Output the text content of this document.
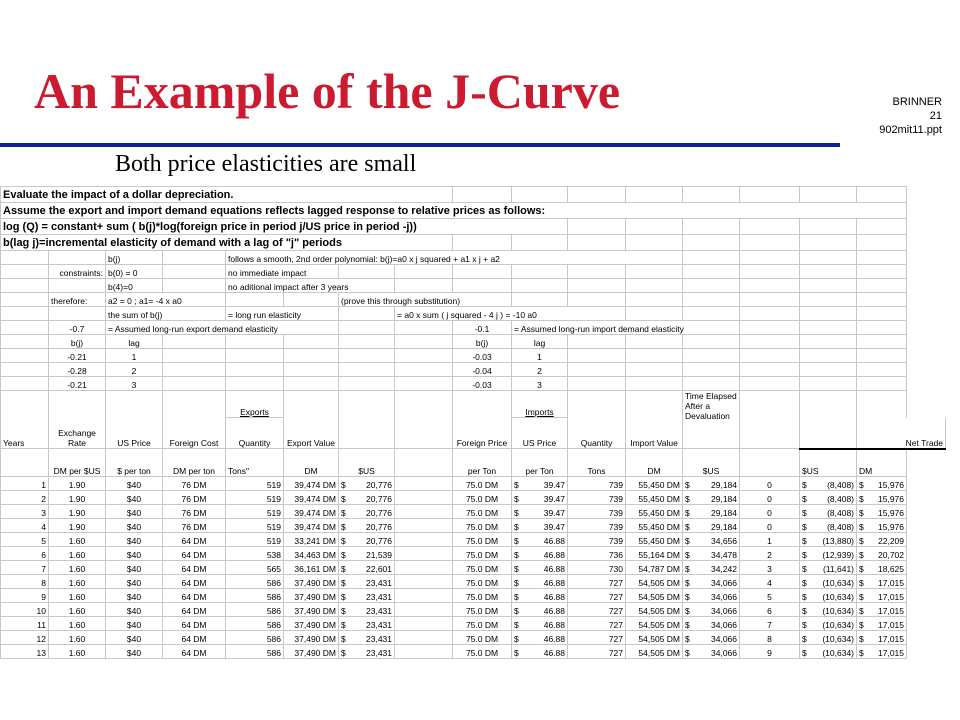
An Example of the J-Curve	BRINNER
21
902mit11.ppt
Both price elasticities are small
Evaluate the impact of a dollar depreciation.															
Assume the export and import demand equations reflects lagged response to relative prices as follows:															
log (Q) = constant+ sum ( b(j)*log(foreign price in period j/US price in period -j))															
b(lag j)=incremental elasticity of demand with a lag of "j" periods															
		b(j)		follows a smooth, 2nd order polynomial: b(j)=a0 x j squared + a1 x j + a2											
	constraints:	b(0) = 0		no immediate impact											
		b(4)=0		no aditional impact after 3 years											
	therefore:	a2 = 0 ; a1= -4 x a0				(prove this through substitution)									
		the sum of b(j)		= long run elasticity			= a0 x sum ( j squared - 4 j ) = -10 a0								
	-0.7	= Assumed long-run export demand elasticity						-0.1	= Assumed long-run import demand elasticity						
	b(j)	lag						b(j)	lag						
	-0.21	1						-0.03	1						
	-0.28	2						-0.04	2						
	-0.21	3						-0.03	3						
				Exports					Imports			Time Elapsed After a Devaluation			
Years	Exchange Rate	US Price	Foreign Cost	Quantity	Export Value			Foreign Price	US Price	Quantity	Import Value				Net Trade
	DM per $US	$ per ton	DM per ton	Tons"	DM	$US		per Ton	per Ton	Tons	DM	$US		$US	DM
1	1.90	$40	76 DM	519	39,474 DM	$ 20,776		75.0 DM	$ 39.47	739	55,450 DM	$ 29,184	0	$ (8,408)	$ 15,976
2	1.90	$40	76 DM	519	39,474 DM	$ 20,776		75.0 DM	$ 39.47	739	55,450 DM	$ 29,184	0	$ (8,408)	$ 15,976
3	1.90	$40	76 DM	519	39,474 DM	$ 20,776		75.0 DM	$ 39.47	739	55,450 DM	$ 29,184	0	$ (8,408)	$ 15,976
4	1.90	$40	76 DM	519	39,474 DM	$ 20,776		75.0 DM	$ 39.47	739	55,450 DM	$ 29,184	0	$ (8,408)	$ 15,976
5	1.60	$40	64 DM	519	33,241 DM	$ 20,776		75.0 DM	$ 46.88	739	55,450 DM	$ 34,656	1	$ (13,880)	$ 22,209
6	1.60	$40	64 DM	538	34,463 DM	$ 21,539		75.0 DM	$ 46.88	736	55,164 DM	$ 34,478	2	$ (12,939)	$ 20,702
7	1.60	$40	64 DM	565	36,161 DM	$ 22,601		75.0 DM	$ 46.88	730	54,787 DM	$ 34,242	3	$ (11,641)	$ 18,625
8	1.60	$40	64 DM	586	37,490 DM	$ 23,431		75.0 DM	$ 46.88	727	54,505 DM	$ 34,066	4	$ (10,634)	$ 17,015
9	1.60	$40	64 DM	586	37,490 DM	$ 23,431		75.0 DM	$ 46.88	727	54,505 DM	$ 34,066	5	$ (10,634)	$ 17,015
10	1.60	$40	64 DM	586	37,490 DM	$ 23,431		75.0 DM	$ 46.88	727	54,505 DM	$ 34,066	6	$ (10,634)	$ 17,015
11	1.60	$40	64 DM	586	37,490 DM	$ 23,431		75.0 DM	$ 46.88	727	54,505 DM	$ 34,066	7	$ (10,634)	$ 17,015
12	1.60	$40	64 DM	586	37,490 DM	$ 23,431		75.0 DM	$ 46.88	727	54,505 DM	$ 34,066	8	$ (10,634)	$ 17,015
13	1.60	$40	64 DM	586	37,490 DM	$ 23,431		75.0 DM	$ 46.88	727	54,505 DM	$ 34,066	9	$ (10,634)	$ 17,015
